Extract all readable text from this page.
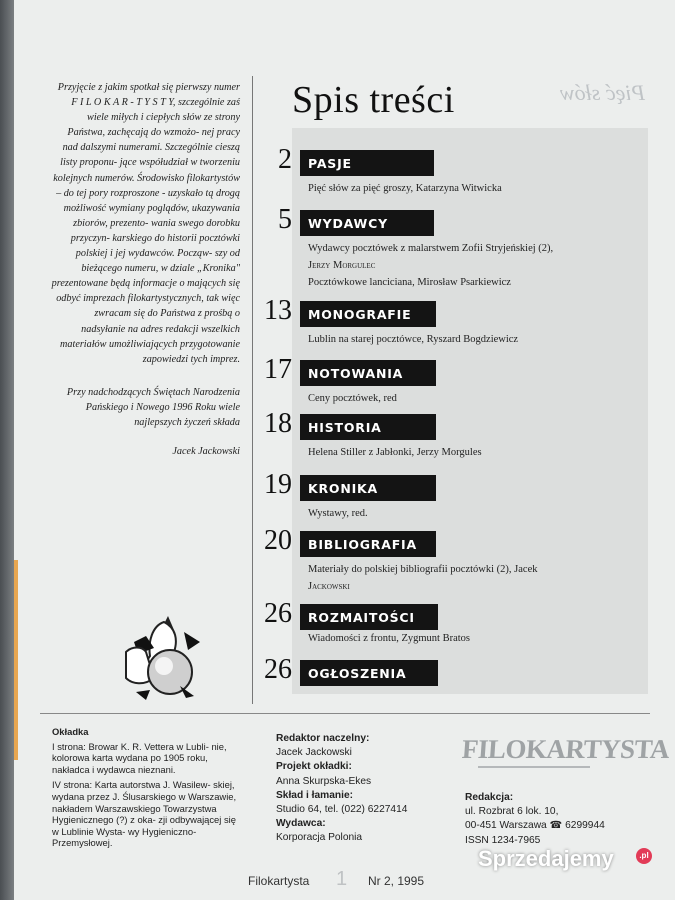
Przyjęcie z jakim spotkał się pierwszy numer F I L O K A R - T Y S T Y, szczególnie zaś wiele miłych i ciepłych słów ze strony Państwa, zachęcają do wzmożo- nej pracy nad dalszymi numerami. Szczególnie cieszą listy proponu- jące współudział w tworzeniu kolejnych numerów. Środowisko filokartystów – do tej pory rozproszone - uzyskało tą drogą możliwość wymiany poglądów, ukazywania zbiorów, prezento- wania swego dorobku przyczyn- karskiego do historii pocztówki polskiej i jej wydawców. Począw- szy od bieżącego numeru, w dziale „Kronika" prezentowane będą informacje o mających się odbyć imprezach filokartystycznych, tak więc zwracam się do Państwa z prośbą o nadsyłanie na adres redakcji wszelkich materiałów umożliwiających przygotowanie zapowiedzi tych imprez.

Przy nadchodzących Świętach Narodzenia Pańskiego i Nowego 1996 Roku wiele najlepszych życzeń składa

Jacek Jackowski
Pięć słów
Spis treści
2	PASJE
Pięć słów za pięć groszy, Katarzyna Witwicka
5	WYDAWCY
Wydawcy pocztówek z malarstwem Zofii Stryjeńskiej (2),
Jerzy Morgulec
Pocztówkowe lanciciana, Mirosław Psarkiewicz
13	MONOGRAFIE
Lublin na starej pocztówce, Ryszard Bogdziewicz
17	NOTOWANIA
Ceny pocztówek, red
18	HISTORIA
Helena Stiller z Jabłonki, Jerzy Morgules
19	KRONIKA
Wystawy, red.
20	BIBLIOGRAFIA
Materiały do polskiej bibliografii pocztówki (2), Jacek
Jackowski
26	ROZMAITOŚCI
Wiadomości z frontu, Zygmunt Bratos
26	OGŁOSZENIA
Okładka

I strona: Browar K. R. Vettera w Lubli- nie, kolorowa karta wydana po 1905 roku, nakładca i wydawca nieznani.

IV strona: Karta autorstwa J. Wasilew- skiej, wydana przez J. Ślusarskiego w Warszawie, nakładem Warszawskiego Towarzystwa Hygienicznego (?) z oka- zji odbywającej się w Lublinie Wysta- wy Hygieniczno-Przemysłowej.

Redaktor naczelny:
Jacek Jackowski
Projekt okładki:
Anna Skurpska-Ekes
Skład i łamanie:
Studio 64, tel. (022) 6227414
Wydawca:
Korporacja Polonia
FILOKARTYSTA
Redakcja:
ul. Rozbrat 6 lok. 10,
00-451 Warszawa ☎ 6299944
ISSN 1234-7965
Filokartysta 1 Nr 2, 1995
Sprzedajemy	.pl
